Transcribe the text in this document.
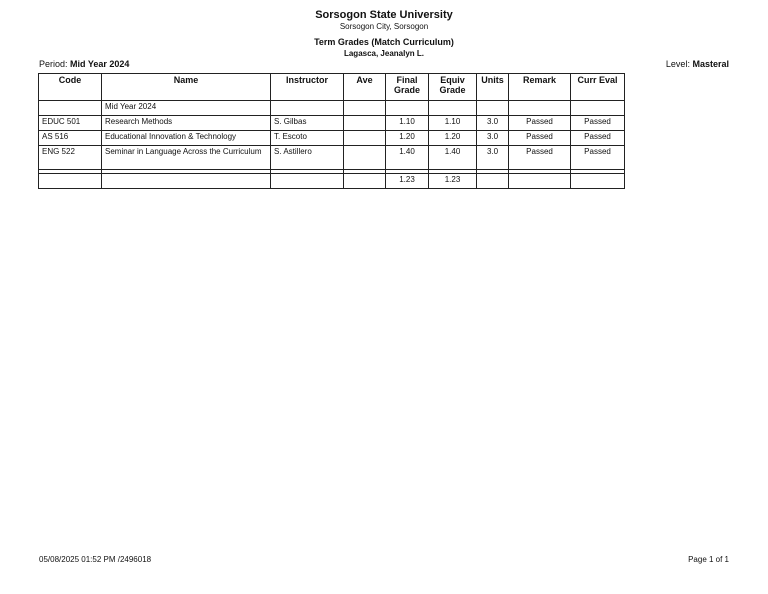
Sorsogon State University
Sorsogon City, Sorsogon
Term Grades (Match Curriculum)
Lagasca, Jeanalyn L.
Period: Mid Year 2024	Level: Masteral
Code	Name	Instructor	Ave	Final Grade	Equiv Grade	Units	Remark	Curr Eval
	Mid Year 2024							
EDUC 501	Research Methods	S. Gilbas		1.10	1.10	3.0	Passed	Passed
AS 516	Educational Innovation & Technology	T. Escoto		1.20	1.20	3.0	Passed	Passed
ENG 522	Seminar in Language Across the Curriculum	S. Astillero		1.40	1.40	3.0	Passed	Passed

				1.23	1.23			
05/08/2025 01:52 PM /2496018	Page 1 of 1
